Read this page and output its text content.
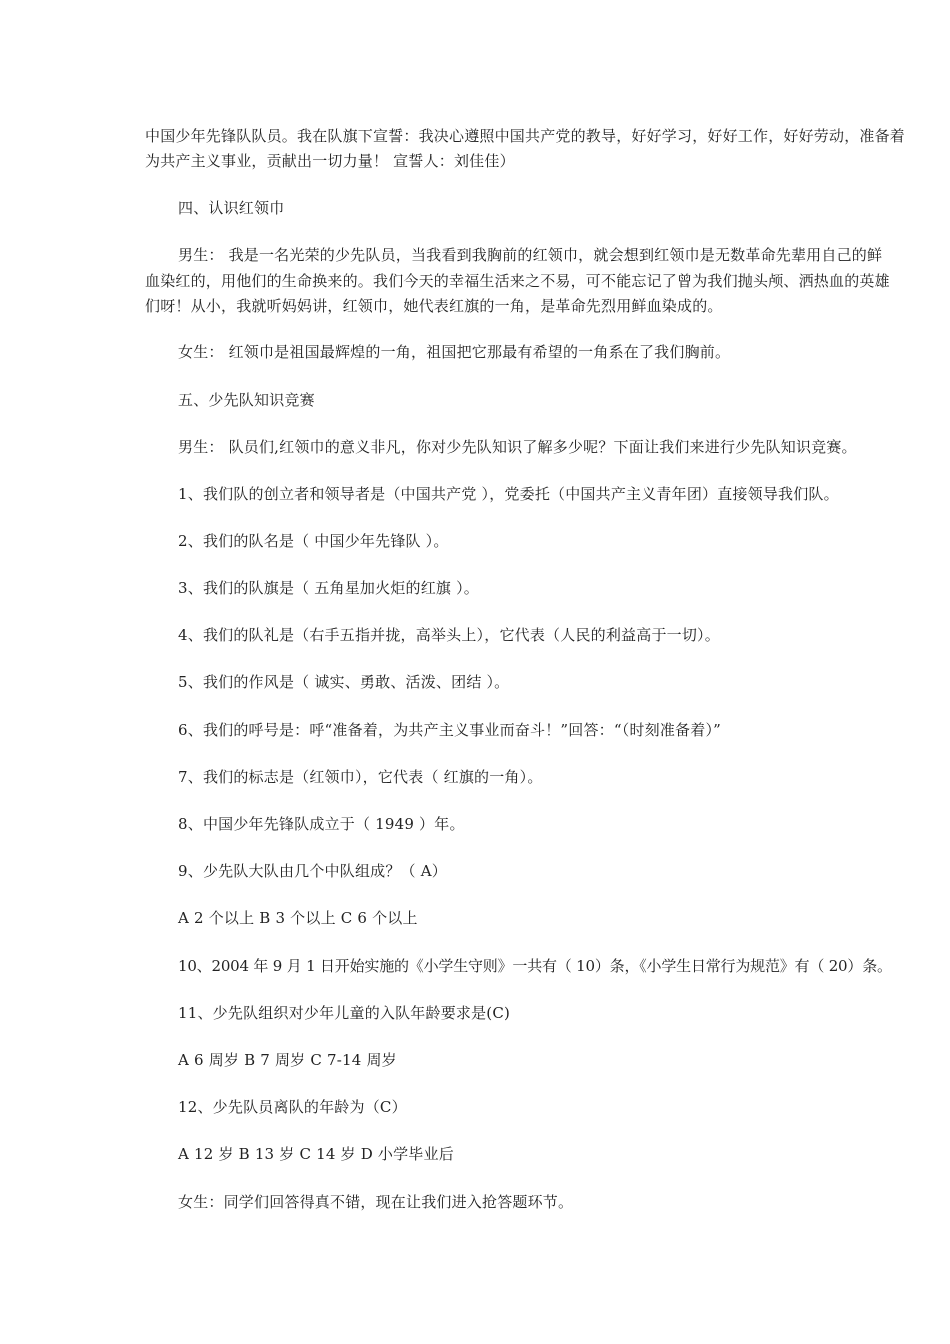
中国少年先锋队队员。我在队旗下宣誓：我决心遵照中国共产党的教导，好好学习，好好工作，好好劳动，准备着
为共产主义事业，贡献出一切力量！ 宣誓人：刘佳佳）
四、认识红领巾
男生： 我是一名光荣的少先队员，当我看到我胸前的红领巾，就会想到红领巾是无数革命先辈用自己的鲜
血染红的，用他们的生命换来的。我们今天的幸福生活来之不易，可不能忘记了曾为我们抛头颅、洒热血的英雄
们呀！从小，我就听妈妈讲，红领巾，她代表红旗的一角，是革命先烈用鲜血染成的。
女生： 红领巾是祖国最辉煌的一角，祖国把它那最有希望的一角系在了我们胸前。
五、少先队知识竞赛
男生： 队员们,红领巾的意义非凡，你对少先队知识了解多少呢？下面让我们来进行少先队知识竞赛。
1、我们队的创立者和领导者是（中国共产党 ），党委托（中国共产主义青年团）直接领导我们队。
2、我们的队名是（ 中国少年先锋队 ）。
3、我们的队旗是（ 五角星加火炬的红旗 ）。
4、我们的队礼是（右手五指并拢，高举头上），它代表（人民的利益高于一切）。
5、我们的作风是（ 诚实、勇敢、活泼、团结 ）。
6、我们的呼号是：呼“准备着，为共产主义事业而奋斗！”回答：“（时刻准备着）”
7、我们的标志是（红领巾），它代表（ 红旗的一角）。
8、中国少年先锋队成立于（ 1949 ）年。
9、少先队大队由几个中队组成？（ A）
A 2 个以上 B 3 个以上 C 6 个以上
10、2004 年 9 月 1 日开始实施的《小学生守则》一共有（ 10）条，《小学生日常行为规范》有（ 20）条。
11、少先队组织对少年儿童的入队年龄要求是(C)
A 6 周岁 B 7 周岁 C 7-14 周岁
12、少先队员离队的年龄为（C）
A 12 岁 B 13 岁 C 14 岁 D 小学毕业后
女生：同学们回答得真不错，现在让我们进入抢答题环节。
